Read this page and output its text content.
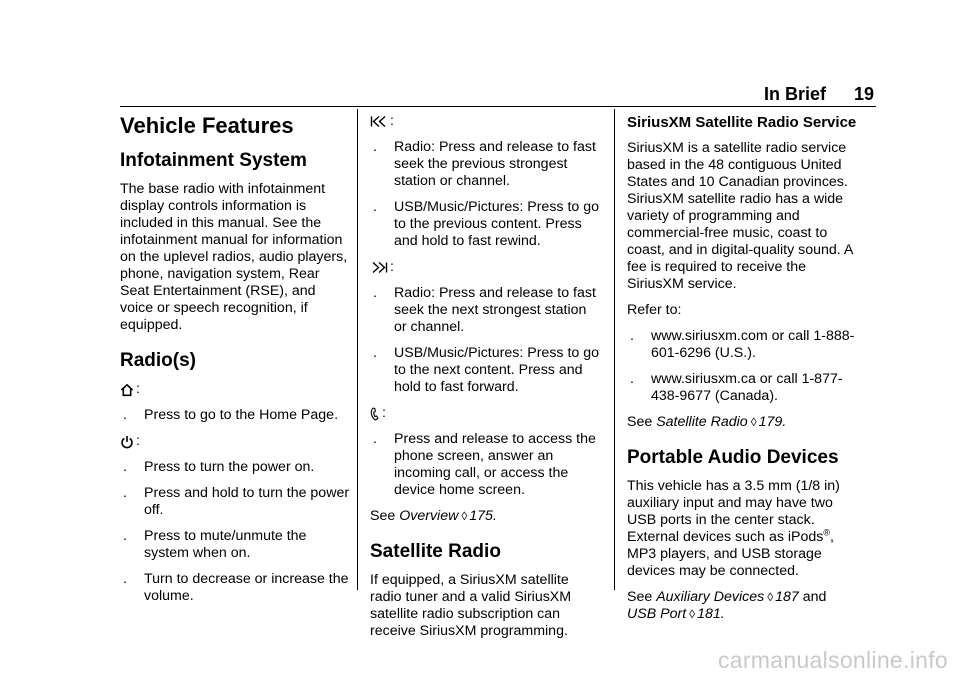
In Brief 19
Vehicle Features
Infotainment System

The base radio with infotainment display controls information is included in this manual. See the infotainment manual for information on the uplevel radios, audio players, phone, navigation system, Rear Seat Entertainment (RSE), and voice or speech recognition, if equipped.

Radio(s)
:
. Press to go to the Home Page.
:
. Press to turn the power on.
. Press and hold to turn the power off.
. Press to mute/unmute the system when on.
. Turn to decrease or increase the volume.
:
. Radio: Press and release to fast seek the previous strongest station or channel.
. USB/Music/Pictures: Press to go to the previous content. Press and hold to fast rewind.
:
. Radio: Press and release to fast seek the next strongest station or channel.
. USB/Music/Pictures: Press to go to the next content. Press and hold to fast forward.
:
. Press and release to access the phone screen, answer an incoming call, or access the device home screen.

See Overview ◊ 175.

Satellite Radio

If equipped, a SiriusXM satellite radio tuner and a valid SiriusXM satellite radio subscription can receive SiriusXM programming.

SiriusXM Satellite Radio Service

SiriusXM is a satellite radio service based in the 48 contiguous United States and 10 Canadian provinces. SiriusXM satellite radio has a wide variety of programming and commercial-free music, coast to coast, and in digital-quality sound. A fee is required to receive the SiriusXM service.

Refer to:

. www.siriusxm.com or call 1-888-601-6296 (U.S.).
. www.siriusxm.ca or call 1-877-438-9677 (Canada).

See Satellite Radio ◊ 179.

Portable Audio Devices

This vehicle has a 3.5 mm (1/8 in) auxiliary input and may have two USB ports in the center stack. External devices such as iPods®, MP3 players, and USB storage devices may be connected.

See Auxiliary Devices ◊ 187 and
USB Port ◊ 181.

carmanualsonline.info
